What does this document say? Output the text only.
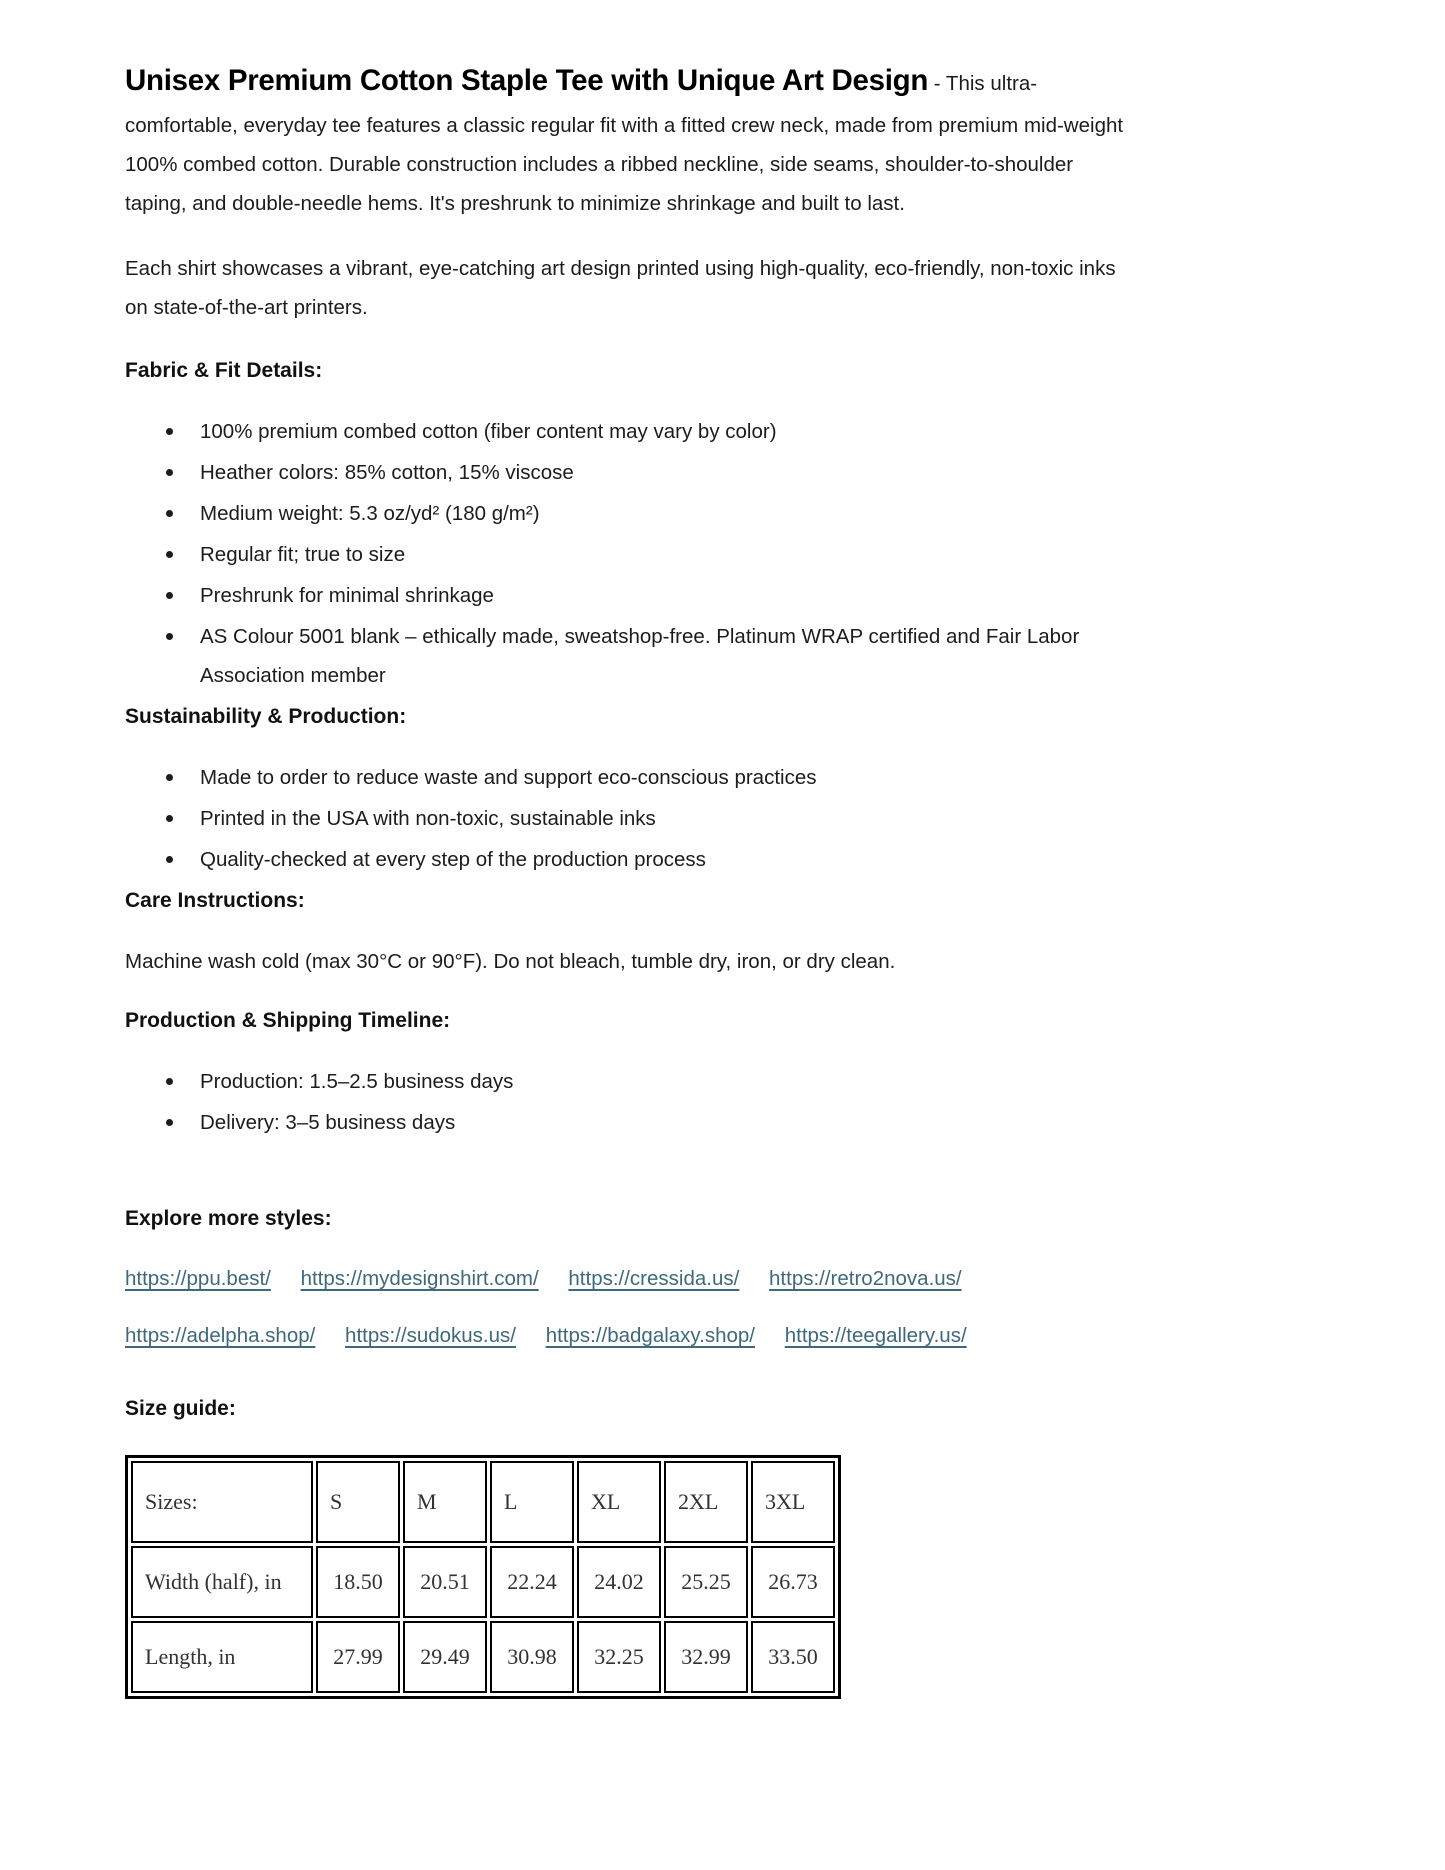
Unisex Premium Cotton Staple Tee with Unique Art Design - This ultra-comfortable, everyday tee features a classic regular fit with a fitted crew neck, made from premium mid-weight 100% combed cotton. Durable construction includes a ribbed neckline, side seams, shoulder-to-shoulder taping, and double-needle hems. It's preshrunk to minimize shrinkage and built to last.

Each shirt showcases a vibrant, eye-catching art design printed using high-quality, eco-friendly, non-toxic inks on state-of-the-art printers.

Fabric & Fit Details:
100% premium combed cotton (fiber content may vary by color)
Heather colors: 85% cotton, 15% viscose
Medium weight: 5.3 oz/yd² (180 g/m²)
Regular fit; true to size
Preshrunk for minimal shrinkage
AS Colour 5001 blank – ethically made, sweatshop-free. Platinum WRAP certified and Fair Labor Association member
Sustainability & Production:
Made to order to reduce waste and support eco-conscious practices
Printed in the USA with non-toxic, sustainable inks
Quality-checked at every step of the production process
Care Instructions:

Machine wash cold (max 30°C or 90°F). Do not bleach, tumble dry, iron, or dry clean.

Production & Shipping Timeline:
Production: 1.5–2.5 business days
Delivery: 3–5 business days
Explore more styles:

https://ppu.best/ https://mydesignshirt.com/ https://cressida.us/ https://retro2nova.us/

https://adelpha.shop/ https://sudokus.us/ https://badgalaxy.shop/ https://teegallery.us/

Size guide:
Sizes:	S	M	L	XL	2XL	3XL
Width (half), in	18.50	20.51	22.24	24.02	25.25	26.73
Length, in	27.99	29.49	30.98	32.25	32.99	33.50
